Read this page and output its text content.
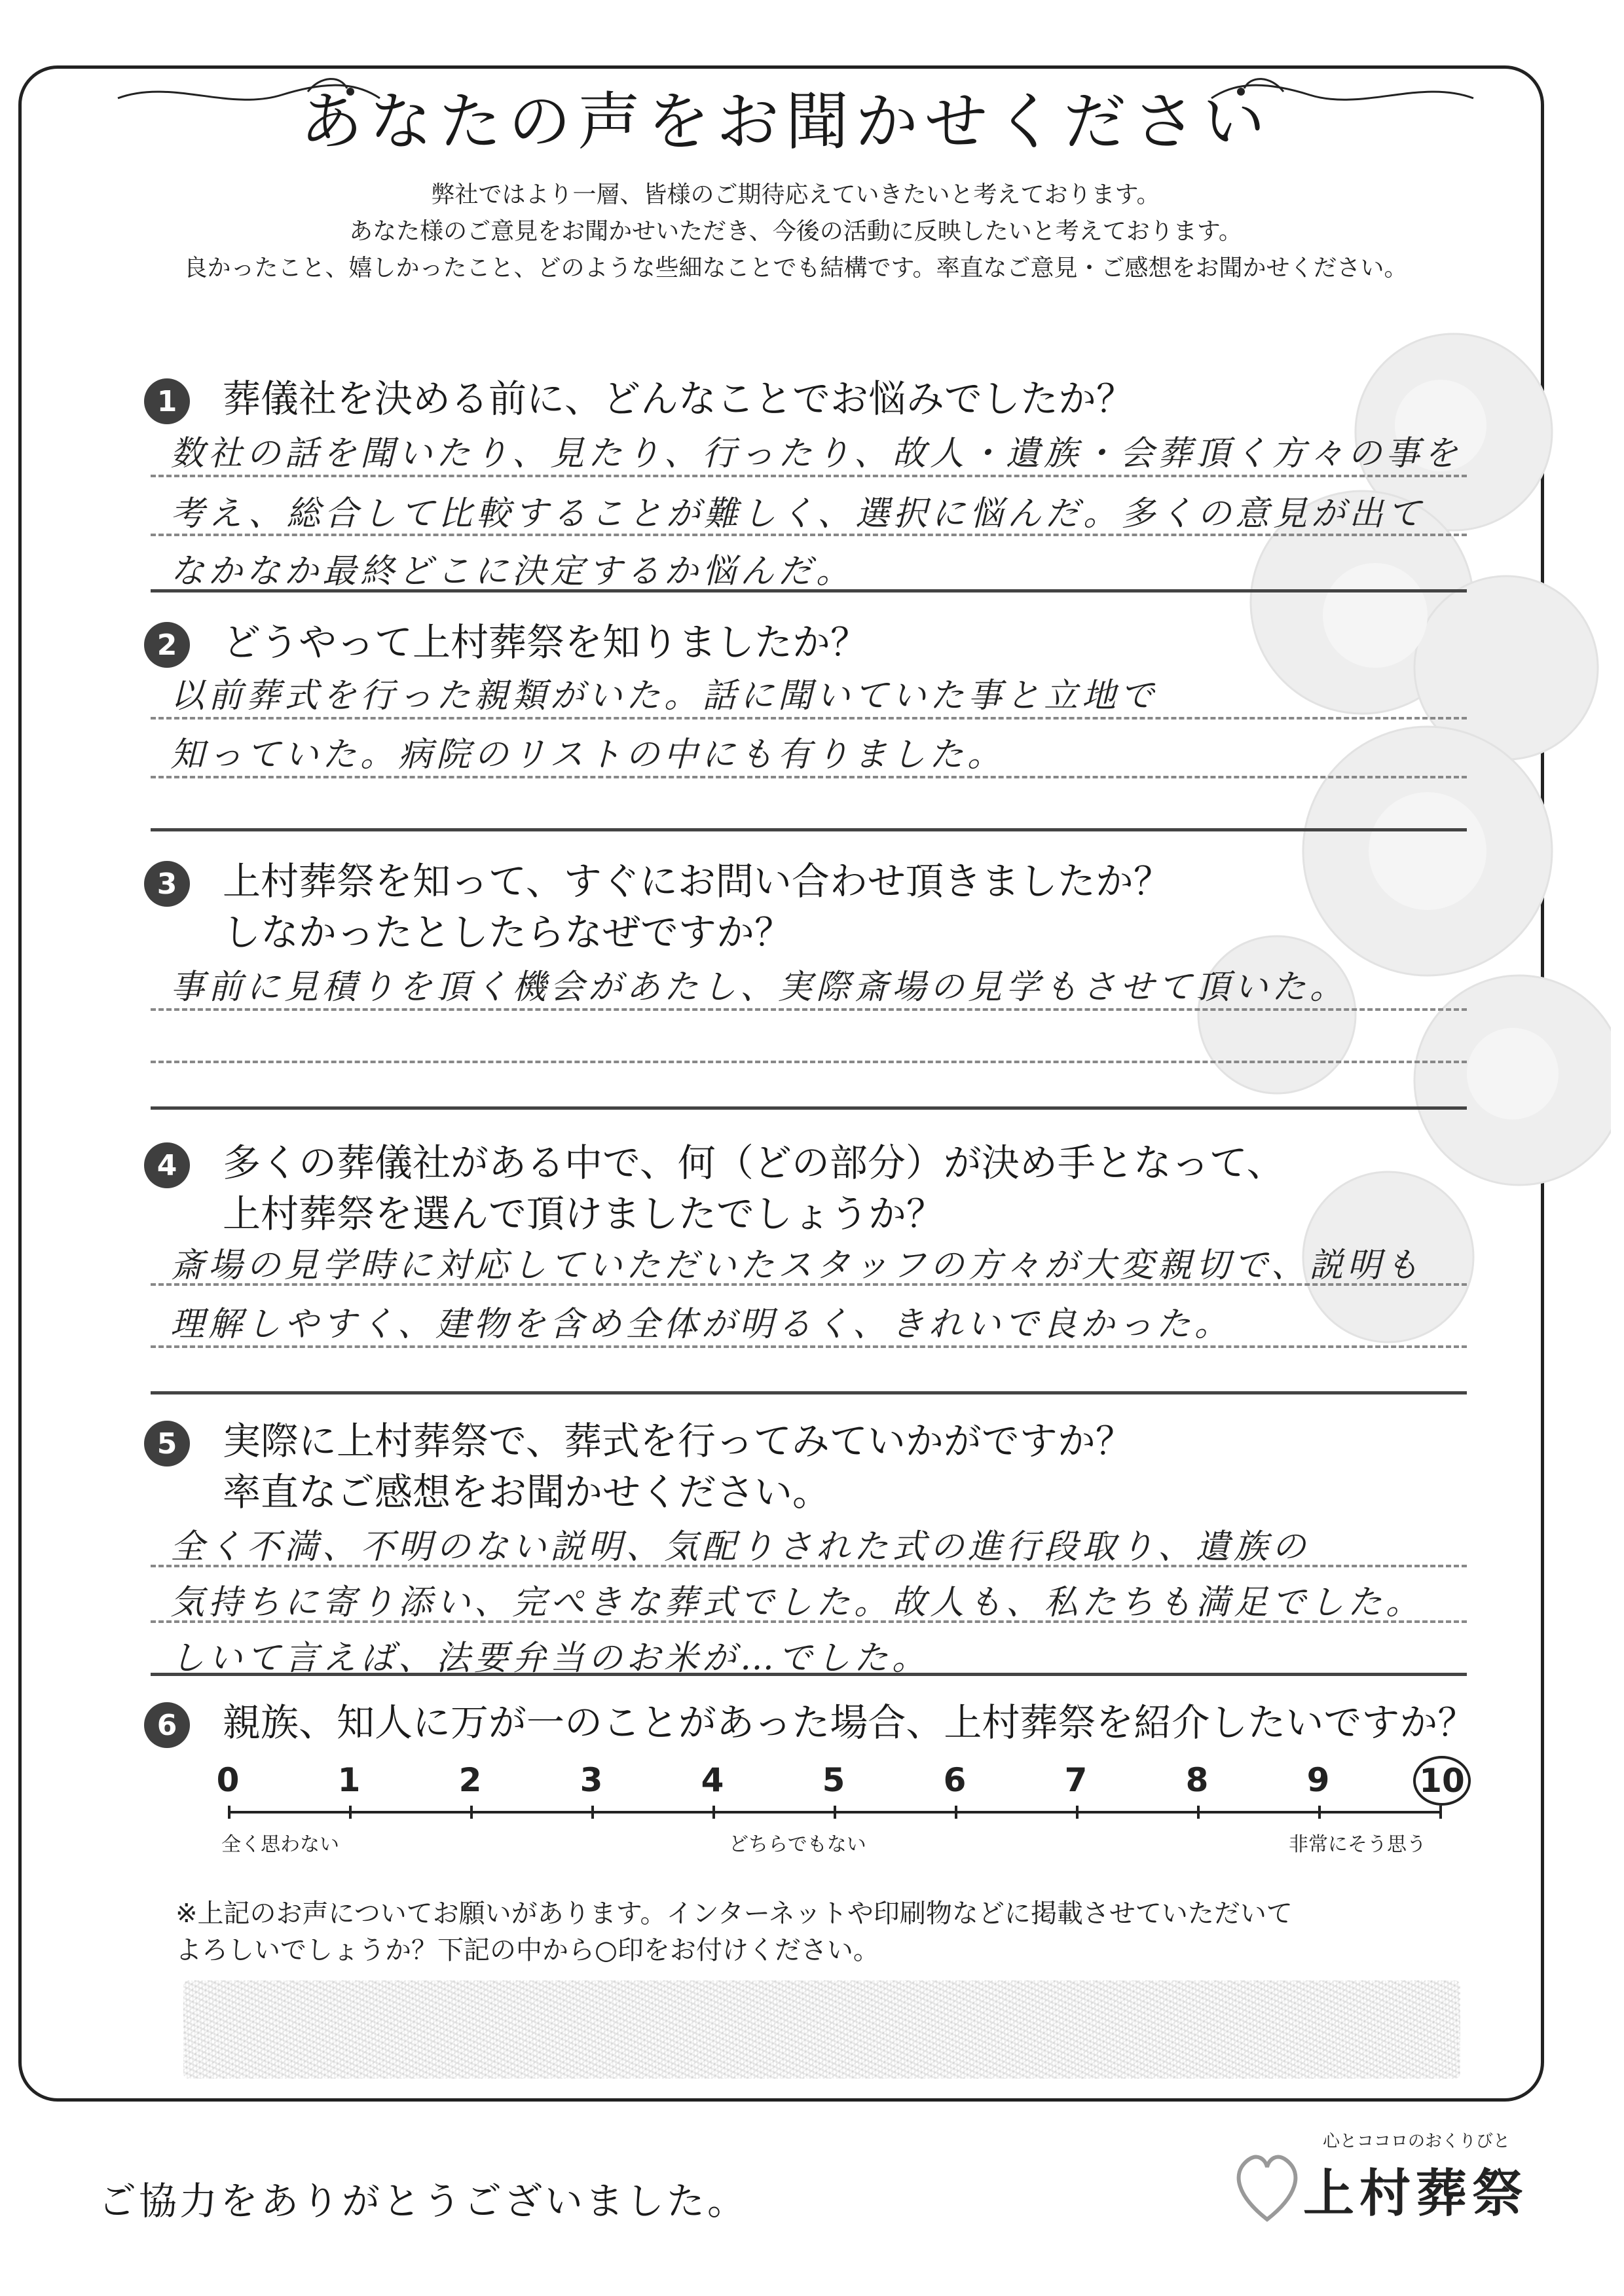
あなたの声をお聞かせください
弊社ではより一層、皆様のご期待応えていきたいと考えております。
あなた様のご意見をお聞かせいただき、今後の活動に反映したいと考えております。
良かったこと、嬉しかったこと、どのような些細なことでも結構です。率直なご意見・ご感想をお聞かせください。
1	葬儀社を決める前に、どんなことでお悩みでしたか？
数社の話を聞いたり、見たり、行ったり、故人・遺族・会葬頂く方々の事を
考え、総合して比較することが難しく、選択に悩んだ。多くの意見が出て
なかなか最終どこに決定するか悩んだ。
2	どうやって上村葬祭を知りましたか？
以前葬式を行った親類がいた。話に聞いていた事と立地で
知っていた。病院のリストの中にも有りました。
3	上村葬祭を知って、すぐにお問い合わせ頂きましたか？
しなかったとしたらなぜですか？
事前に見積りを頂く機会があたし、実際斎場の見学もさせて頂いた。
4	多くの葬儀社がある中で、何（どの部分）が決め手となって、
上村葬祭を選んで頂けましたでしょうか？
斎場の見学時に対応していただいたスタッフの方々が大変親切で、説明も
理解しやすく、建物を含め全体が明るく、きれいで良かった。
5	実際に上村葬祭で、葬式を行ってみていかがですか？
率直なご感想をお聞かせください。
全く不満、不明のない説明、気配りされた式の進行段取り、遺族の
気持ちに寄り添い、完ぺきな葬式でした。故人も、私たちも満足でした。
しいて言えば、法要弁当のお米が…でした。
6	親族、知人に万が一のことがあった場合、上村葬祭を紹介したいですか？
全く思わない	どちらでもない	非常にそう思う
0	1	2	3	4	5	6	7	8	9	10
※上記のお声についてお願いがあります。インターネットや印刷物などに掲載させていただいて
よろしいでしょうか？下記の中から○印をお付けください。
ご協力をありがとうございました。
心とココロのおくりびと
上村葬祭
